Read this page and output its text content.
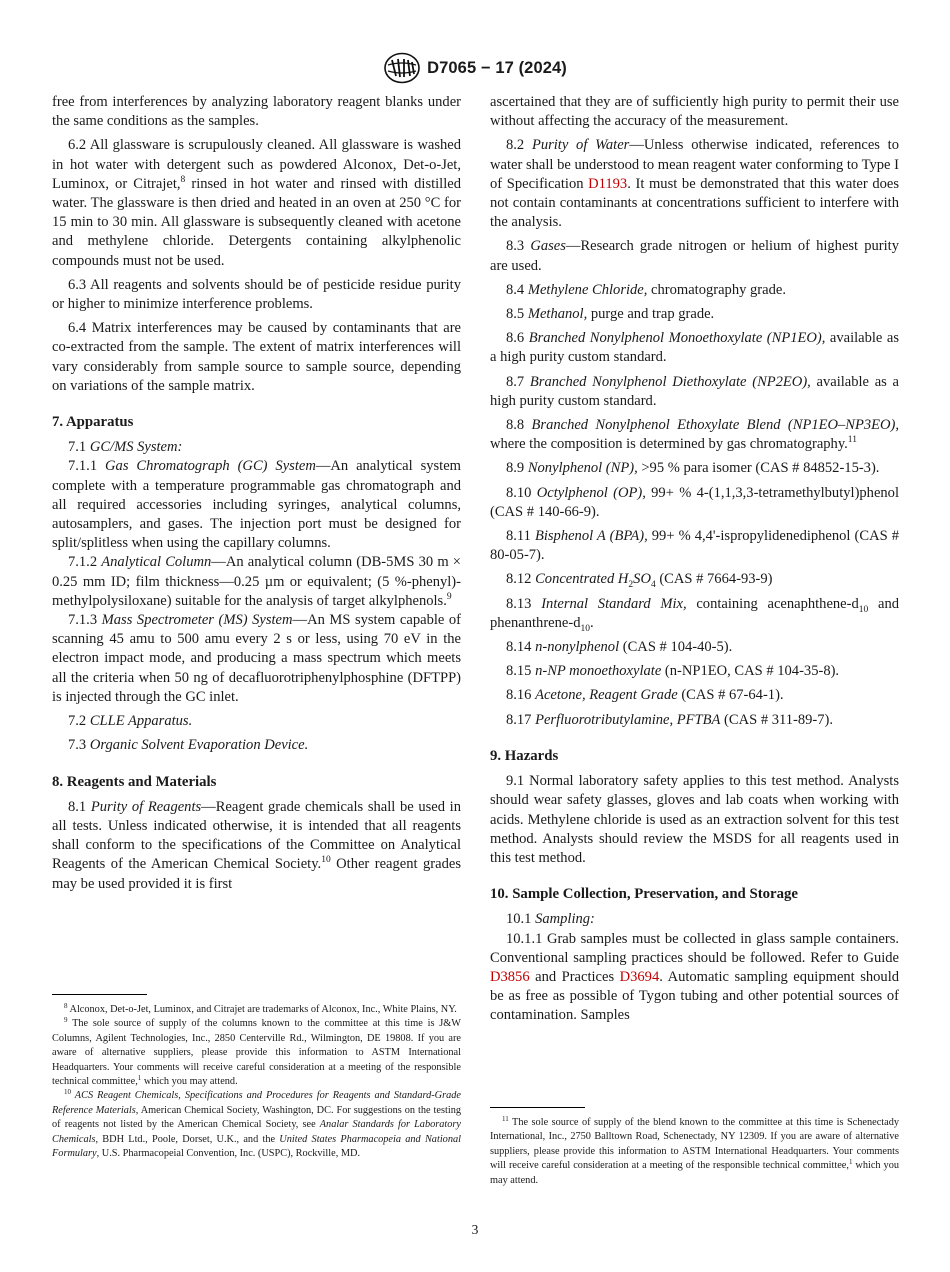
D7065 − 17 (2024)

free from interferences by analyzing laboratory reagent blanks under the same conditions as the samples.

6.2 All glassware is scrupulously cleaned. All glassware is washed in hot water with detergent such as powdered Alconox, Det-o-Jet, Luminox, or Citrajet,$^8$ rinsed in hot water and rinsed with distilled water. The glassware is then dried and heated in an oven at 250 °C for 15 min to 30 min. All glassware is subsequently cleaned with acetone and methylene chloride. Detergents containing alkylphenolic compounds must not be used.

6.3 All reagents and solvents should be of pesticide residue purity or higher to minimize interference problems.

6.4 Matrix interferences may be caused by contaminants that are co-extracted from the sample. The extent of matrix interferences will vary considerably from sample source to sample source, depending on variations of the sample matrix.

7. Apparatus

7.1 GC/MS System:

7.1.1 Gas Chromatograph (GC) System—An analytical system complete with a temperature programmable gas chromatograph and all required accessories including syringes, analytical columns, autosamplers, and gases. The injection port must be designed for split/splitless when using the capillary columns.

7.1.2 Analytical Column—An analytical column (DB-5MS 30 m × 0.25 mm ID; film thickness—0.25 µm or equivalent; (5 %-phenyl)-methylpolysiloxane) suitable for the analysis of target alkylphenols.$^9$

7.1.3 Mass Spectrometer (MS) System—An MS system capable of scanning 45 amu to 500 amu every 2 s or less, using 70 eV in the electron impact mode, and producing a mass spectrum which meets all the criteria when 50 ng of decafluorotriphenylphosphine (DFTPP) is injected through the GC inlet.

7.2 CLLE Apparatus.

7.3 Organic Solvent Evaporation Device.

8. Reagents and Materials

8.1 Purity of Reagents—Reagent grade chemicals shall be used in all tests. Unless indicated otherwise, it is intended that all reagents shall conform to the specifications of the Committee on Analytical Reagents of the American Chemical Society.$^{10}$ Other reagent grades may be used provided it is first

$^8$ Alconox, Det-o-Jet, Luminox, and Citrajet are trademarks of Alconox, Inc., White Plains, NY.

$^9$ The sole source of supply of the columns known to the committee at this time is J&W Columns, Agilent Technologies, Inc., 2850 Centerville Rd., Wilmington, DE 19808. If you are aware of alternative suppliers, please provide this information to ASTM International Headquarters. Your comments will receive careful consideration at a meeting of the responsible technical committee,$^1$ which you may attend.

$^{10}$ ACS Reagent Chemicals, Specifications and Procedures for Reagents and Standard-Grade Reference Materials, American Chemical Society, Washington, DC. For suggestions on the testing of reagents not listed by the American Chemical Society, see Analar Standards for Laboratory Chemicals, BDH Ltd., Poole, Dorset, U.K., and the United States Pharmacopeia and National Formulary, U.S. Pharmacopeial Convention, Inc. (USPC), Rockville, MD.

ascertained that they are of sufficiently high purity to permit their use without affecting the accuracy of the measurement.

8.2 Purity of Water—Unless otherwise indicated, references to water shall be understood to mean reagent water conforming to Type I of Specification D1193. It must be demonstrated that this water does not contain contaminants at concentrations sufficient to interfere with the analysis.

8.3 Gases—Research grade nitrogen or helium of highest purity are used.

8.4 Methylene Chloride, chromatography grade.

8.5 Methanol, purge and trap grade.

8.6 Branched Nonylphenol Monoethoxylate (NP1EO), available as a high purity custom standard.

8.7 Branched Nonylphenol Diethoxylate (NP2EO), available as a high purity custom standard.

8.8 Branched Nonylphenol Ethoxylate Blend (NP1EO–NP3EO), where the composition is determined by gas chromatography.$^{11}$

8.9 Nonylphenol (NP), >95 % para isomer (CAS # 84852-15-3).

8.10 Octylphenol (OP), 99+ % 4-(1,1,3,3-tetramethylbutyl)phenol (CAS # 140-66-9).

8.11 Bisphenol A (BPA), 99+ % 4,4'-ispropylidenediphenol (CAS # 80-05-7).

8.12 Concentrated $H_2SO_4$ (CAS # 7664-93-9)

8.13 Internal Standard Mix, containing acenaphthene-$d_{10}$ and phenanthrene-$d_{10}$.

8.14 n-nonylphenol (CAS # 104-40-5).

8.15 n-NP monoethoxylate (n-NP1EO, CAS # 104-35-8).

8.16 Acetone, Reagent Grade (CAS # 67-64-1).

8.17 Perfluorotributylamine, PFTBA (CAS # 311-89-7).

9. Hazards

9.1 Normal laboratory safety applies to this test method. Analysts should wear safety glasses, gloves and lab coats when working with acids. Methylene chloride is used as an extraction solvent for this test method. Analysts should review the MSDS for all reagents used in this test method.

10. Sample Collection, Preservation, and Storage

10.1 Sampling:

10.1.1 Grab samples must be collected in glass sample containers. Conventional sampling practices should be followed. Refer to Guide D3856 and Practices D3694. Automatic sampling equipment should be as free as possible of Tygon tubing and other potential sources of contamination. Samples

$^{11}$ The sole source of supply of the blend known to the committee at this time is Schenectady International, Inc., 2750 Balltown Road, Schenectady, NY 12309. If you are aware of alternative suppliers, please provide this information to ASTM International Headquarters. Your comments will receive careful consideration at a meeting of the responsible technical committee,$^1$ which you may attend.

3
